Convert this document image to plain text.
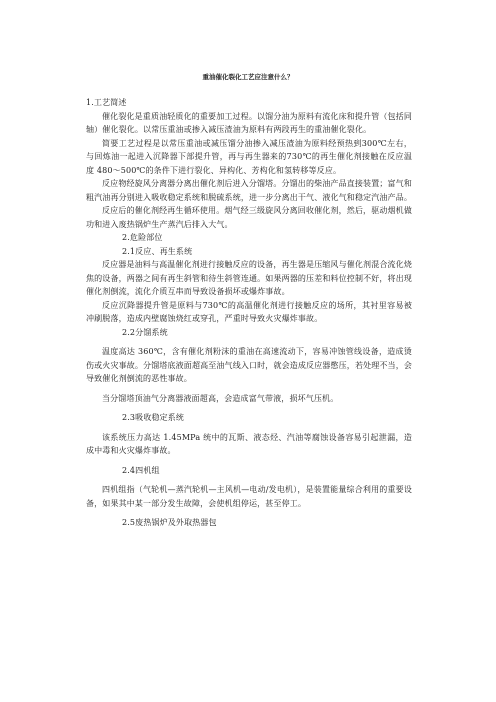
重油催化裂化工艺应注意什么？

1.工艺简述

催化裂化是重质油轻质化的重要加工过程。以馏分油为原料有流化床和提升管（包括同轴）催化裂化。以常压重油或掺入减压渣油为原料有两段再生的重油催化裂化。

简要工艺过程是以常压重油或减压馏分油掺入减压渣油为原料经预热到300℃左右，与回炼油一起进入沉降器下部提升管，再与再生器来的730℃的再生催化剂接触在反应温度 480～500℃的条件下进行裂化、异构化、芳构化和氢转移等反应。

反应物经旋风分离器分离出催化剂后进入分馏塔。分馏出的柴油产品直接装置；富气和粗汽油再分别进入吸收稳定系统和脱硫系统，进一步分离出干气、液化气和稳定汽油产品。

反应后的催化剂经再生循环使用。烟气经三级旋风分离回收催化剂，然后，驱动烟机做功和进入废热锅炉生产蒸汽后排入大气。

2.危险部位

2.1反应、再生系统

反应器是油料与高温催化剂进行接触反应的设备，再生器是压缩风与催化剂混合流化烧焦的设备，两器之间有再生斜管和待生斜管连通。如果两器的压差和料位控制不好，将出现催化剂倒流，流化介质互串而导致设备损坏或爆炸事故。

反应沉降器提升管是原料与730℃的高温催化剂进行接触反应的场所，其衬里容易被冲刷脱落，造成内壁腐蚀烧红或穿孔，严重时导致火灾爆炸事故。

2.2分馏系统

温度高达 360℃，含有催化剂粉沫的重油在高速流动下，容易冲蚀管线设备，造成烫伤或火灾事故。分馏塔底液面超高至油气线入口时，就会造成反应器憋压，若处理不当，会导致催化剂倒流的恶性事故。

当分馏塔顶油气分离器液面超高，会造成富气带液，损坏气压机。

2.3吸收稳定系统

该系统压力高达 1.45MPa 统中的瓦斯、液态烃、汽油等腐蚀设备容易引起泄漏，造成中毒和火灾爆炸事故。

2.4四机组

四机组指（气轮机—蒸汽轮机—主风机—电动/发电机），是装置能量综合利用的重要设备，如果其中某一部分发生故障，会使机组停运，甚至停工。

2.5废热锅炉及外取热器包
